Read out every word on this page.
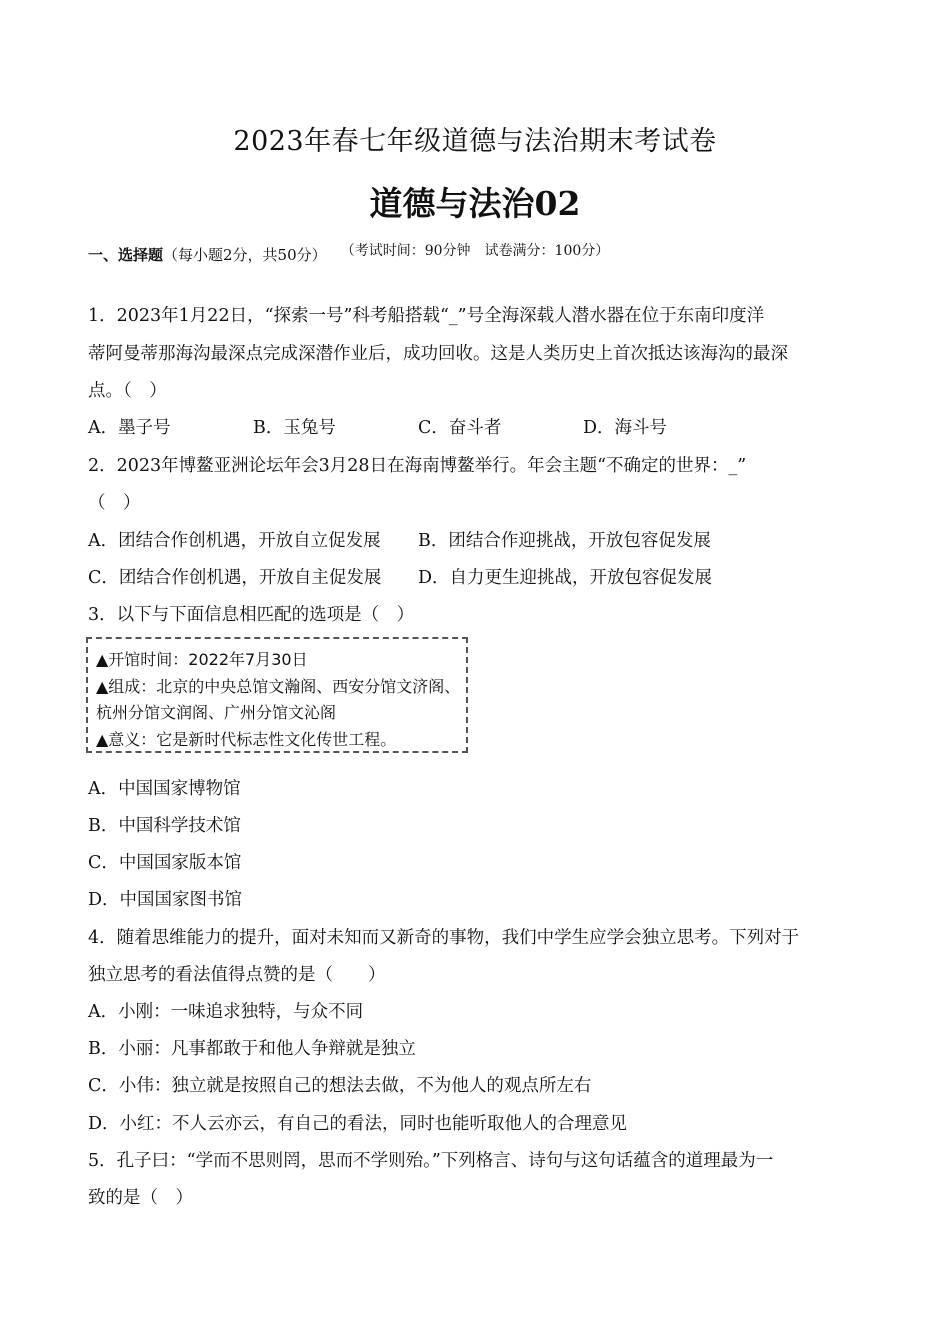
2023年春七年级道德与法治期末考试卷
道德与法治02
（考试时间：90分钟　试卷满分：100分）
一、选择题（每小题2分，共50分）
1．2023年1月22日，“探索一号”科考船搭载“_”号全海深载人潜水器在位于东南印度洋
蒂阿曼蒂那海沟最深点完成深潜作业后，成功回收。这是人类历史上首次抵达该海沟的最深
点。（　）
A．墨子号	B．玉兔号	C．奋斗者	D．海斗号
2．2023年博鳌亚洲论坛年会3月28日在海南博鳌举行。年会主题“不确定的世界：_”
（　）
A．团结合作创机遇，开放自立促发展 B．团结合作迎挑战，开放包容促发展
C．团结合作创机遇，开放自主促发展 D．自力更生迎挑战，开放包容促发展
3．以下与下面信息相匹配的选项是（　）
▲开馆时间：2022年7月30日
▲组成：北京的中央总馆文瀚阁、西安分馆文济阁、
杭州分馆文润阁、广州分馆文沁阁
▲意义：它是新时代标志性文化传世工程。
A．中国国家博物馆
B．中国科学技术馆
C．中国国家版本馆
D．中国国家图书馆
4．随着思维能力的提升，面对未知而又新奇的事物，我们中学生应学会独立思考。下列对于
独立思考的看法值得点赞的是（　　）
A．小刚：一味追求独特，与众不同
B．小丽：凡事都敢于和他人争辩就是独立
C．小伟：独立就是按照自己的想法去做，不为他人的观点所左右
D．小红：不人云亦云，有自己的看法，同时也能听取他人的合理意见
5．孔子曰：“学而不思则罔，思而不学则殆。”下列格言、诗句与这句话蕴含的道理最为一
致的是（　）
